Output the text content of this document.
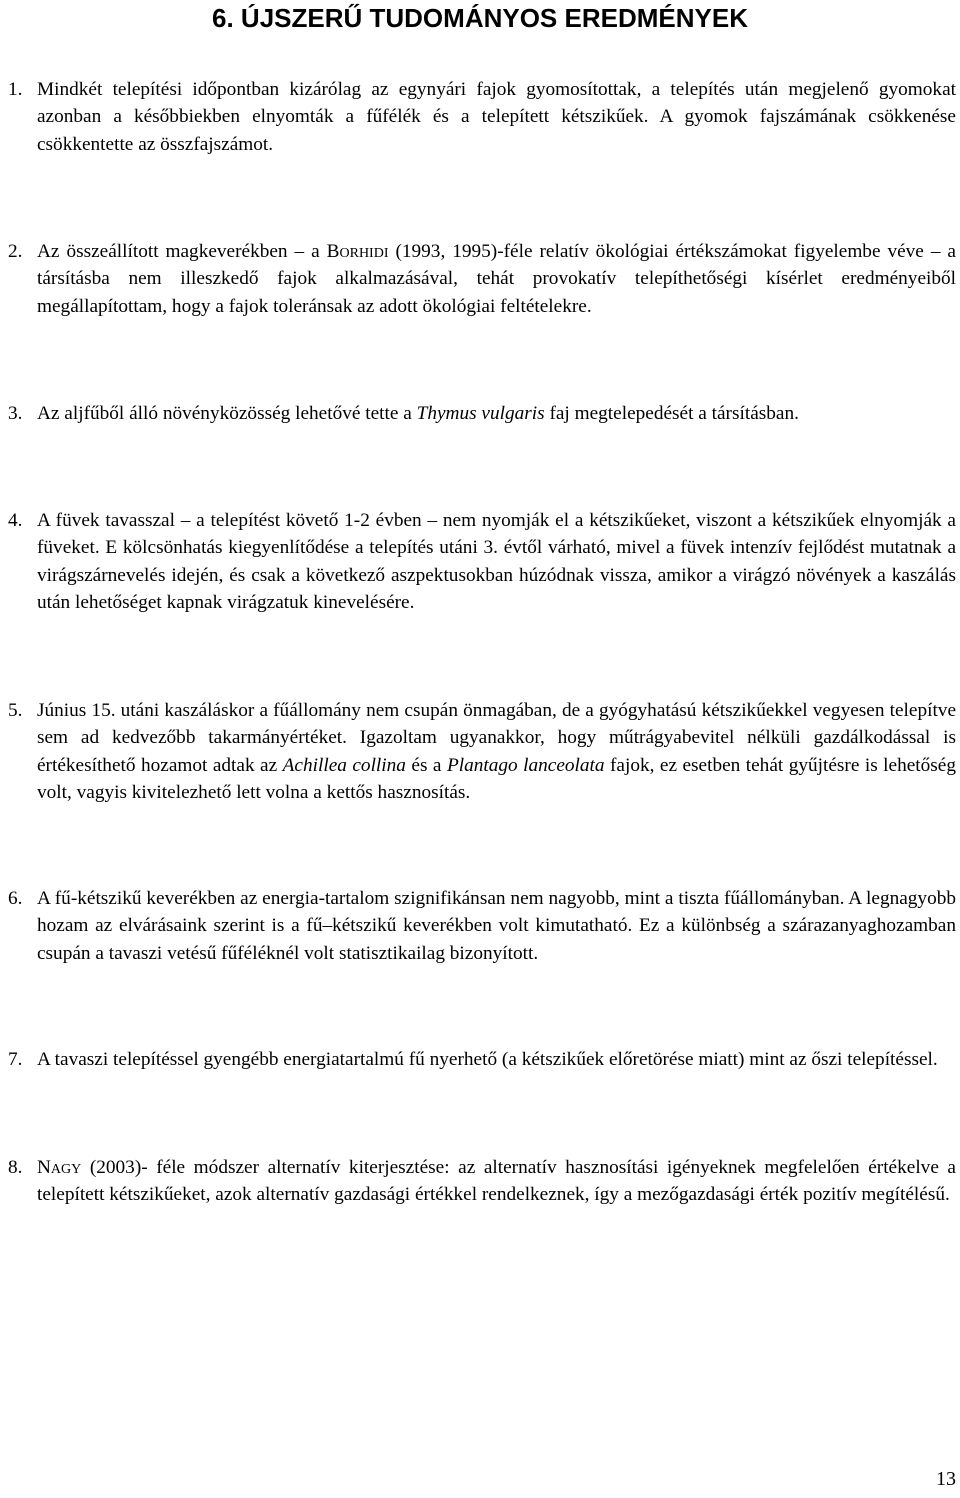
6. ÚJSZERŰ TUDOMÁNYOS EREDMÉNYEK
1. Mindkét telepítési időpontban kizárólag az egynyári fajok gyomosítottak, a telepítés után megjelenő gyomokat azonban a későbbiekben elnyomták a fűfélék és a telepített kétszikűek. A gyomok fajszámának csökkenése csökkentette az összfajszámot.
2. Az összeállított magkeverékben – a Borhidi (1993, 1995)-féle relatív ökológiai értékszámokat figyelembe véve – a társításba nem illeszkedő fajok alkalmazásával, tehát provokatív telepíthetőségi kísérlet eredményeiből megállapítottam, hogy a fajok toleránsak az adott ökológiai feltételekre.
3. Az aljfűből álló növényközösség lehetővé tette a Thymus vulgaris faj megtelepedését a társításban.
4. A füvek tavasszal – a telepítést követő 1-2 évben – nem nyomják el a kétszikűeket, viszont a kétszikűek elnyomják a füveket. E kölcsönhatás kiegyenlítődése a telepítés utáni 3. évtől várható, mivel a füvek intenzív fejlődést mutatnak a virágszárnevelés idején, és csak a következő aszpektusokban húzódnak vissza, amikor a virágzó növények a kaszálás után lehetőséget kapnak virágzatuk kinevelésére.
5. Június 15. utáni kaszáláskor a fűállomány nem csupán önmagában, de a gyógyhatású kétszikűekkel vegyesen telepítve sem ad kedvezőbb takarmányértéket. Igazoltam ugyanakkor, hogy műtrágyabevitel nélküli gazdálkodással is értékesíthető hozamot adtak az Achillea collina és a Plantago lanceolata fajok, ez esetben tehát gyűjtésre is lehetőség volt, vagyis kivitelezhető lett volna a kettős hasznosítás.
6. A fű-kétszikű keverékben az energia-tartalom szignifikánsan nem nagyobb, mint a tiszta fűállományban. A legnagyobb hozam az elvárásaink szerint is a fű–kétszikű keverékben volt kimutatható. Ez a különbség a szárazanyaghozamban csupán a tavaszi vetésű fűféléknél volt statisztikailag bizonyított.
7. A tavaszi telepítéssel gyengébb energiatartalmú fű nyerhető (a kétszikűek előretörése miatt) mint az őszi telepítéssel.
8. Nagy (2003)- féle módszer alternatív kiterjesztése: az alternatív hasznosítási igényeknek megfelelően értékelve a telepített kétszikűeket, azok alternatív gazdasági értékkel rendelkeznek, így a mezőgazdasági érték pozitív megítélésű.
13
